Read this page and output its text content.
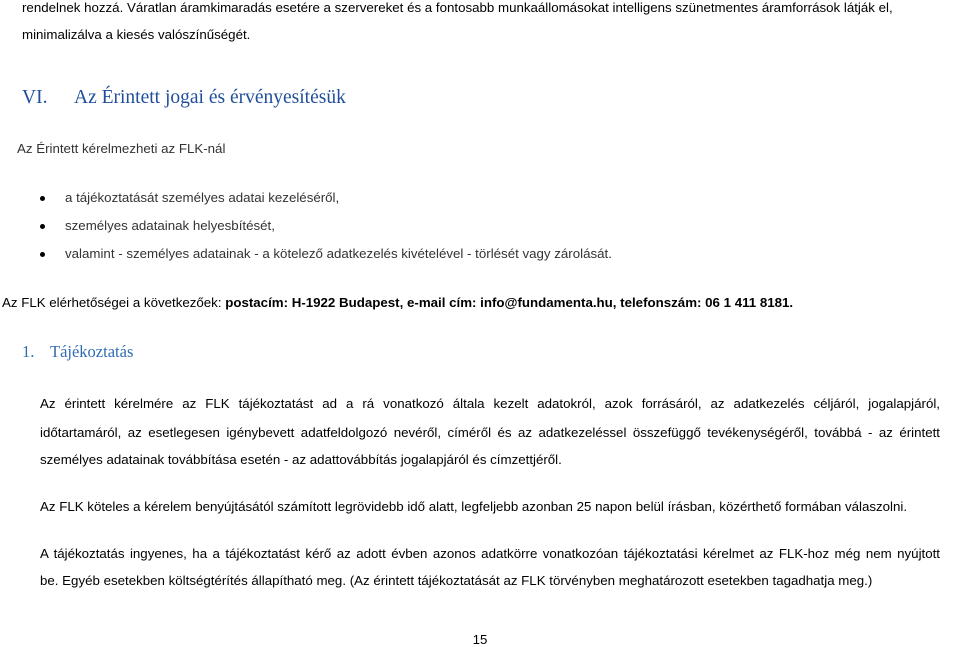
rendelnek hozzá. Váratlan áramkimaradás esetére a szervereket és a fontosabb munkaállomásokat intelligens szünetmentes áramforrások látják el,
minimalizálva a kiesés valószínűségét.
VI. Az Érintett jogai és érvényesítésük
Az Érintett kérelmezheti az FLK-nál
a tájékoztatását személyes adatai kezeléséről,
személyes adatainak helyesbítését,
valamint - személyes adatainak - a kötelező adatkezelés kivételével - törlését vagy zárolását.
Az FLK elérhetőségei a következőek: postacím: H-1922 Budapest, e-mail cím: info@fundamenta.hu, telefonszám: 06 1 411 8181.
1. Tájékoztatás
Az érintett kérelmére az FLK tájékoztatást ad a rá vonatkozó általa kezelt adatokról, azok forrásáról, az adatkezelés céljáról, jogalapjáról,
időtartamáról, az esetlegesen igénybevett adatfeldolgozó nevéről, címéről és az adatkezeléssel összefüggő tevékenységéről, továbbá - az érintett
személyes adatainak továbbítása esetén - az adattovábbítás jogalapjáról és címzettjéről.
Az FLK köteles a kérelem benyújtásától számított legrövidebb idő alatt, legfeljebb azonban 25 napon belül írásban, közérthető formában válaszolni.
A tájékoztatás ingyenes, ha a tájékoztatást kérő az adott évben azonos adatkörre vonatkozóan tájékoztatási kérelmet az FLK-hoz még nem nyújtott
be. Egyéb esetekben költségtérítés állapítható meg. (Az érintett tájékoztatását az FLK törvényben meghatározott esetekben tagadhatja meg.)
15
